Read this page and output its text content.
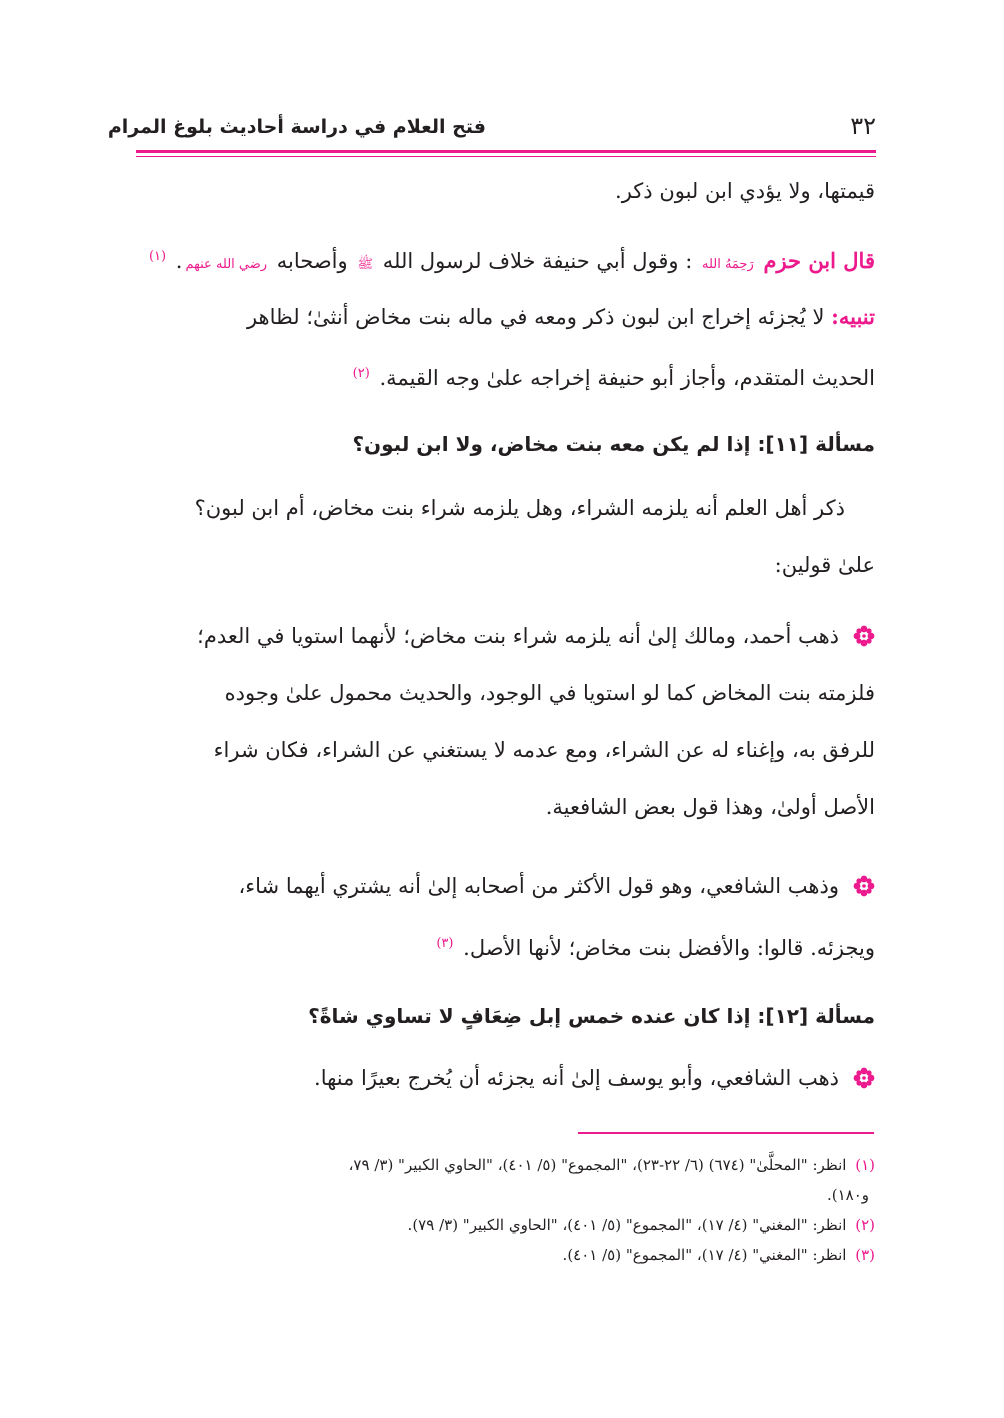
٣٢
فتح العلام في دراسة أحاديث بلوغ المرام
قيمتها، ولا يؤدي ابن لبون ذكر.
قال ابن حزم رَحِمَهُ الله : وقول أبي حنيفة خلاف لرسول الله ﷺ وأصحابه رضي الله عنهم. $^{(١)}$
تنبيه: لا يُجزئه إخراج ابن لبون ذكر ومعه في ماله بنت مخاض أنثىٰ؛ لظاهر
الحديث المتقدم، وأجاز أبو حنيفة إخراجه علىٰ وجه القيمة. $^{(٢)}$
مسألة [١١]: إذا لم يكن معه بنت مخاض، ولا ابن لبون؟
ذكر أهل العلم أنه يلزمه الشراء، وهل يلزمه شراء بنت مخاض، أم ابن لبون؟
علىٰ قولين:
ذهب أحمد، ومالك إلىٰ أنه يلزمه شراء بنت مخاض؛ لأنهما استويا في العدم؛
فلزمته بنت المخاض كما لو استويا في الوجود، والحديث محمول علىٰ وجوده
للرفق به، وإغناء له عن الشراء، ومع عدمه لا يستغني عن الشراء، فكان شراء
الأصل أولىٰ، وهذا قول بعض الشافعية.
وذهب الشافعي، وهو قول الأكثر من أصحابه إلىٰ أنه يشتري أيهما شاء،
ويجزئه. قالوا: والأفضل بنت مخاض؛ لأنها الأصل. $^{(٣)}$
مسألة [١٢]: إذا كان عنده خمس إبل ضِعَافٍ لا تساوي شاةً؟
ذهب الشافعي، وأبو يوسف إلىٰ أنه يجزئه أن يُخرج بعيرًا منها.
(١) انظر: "المحلَّىٰ" (٦٧٤) (٦/ ٢٢-٢٣)، "المجموع" (٥/ ٤٠١)، "الحاوي الكبير" (٣/ ٧٩،
و١٨٠).
(٢) انظر: "المغني" (٤/ ١٧)، "المجموع" (٥/ ٤٠١)، "الحاوي الكبير" (٣/ ٧٩).
(٣) انظر: "المغني" (٤/ ١٧)، "المجموع" (٥/ ٤٠١).
